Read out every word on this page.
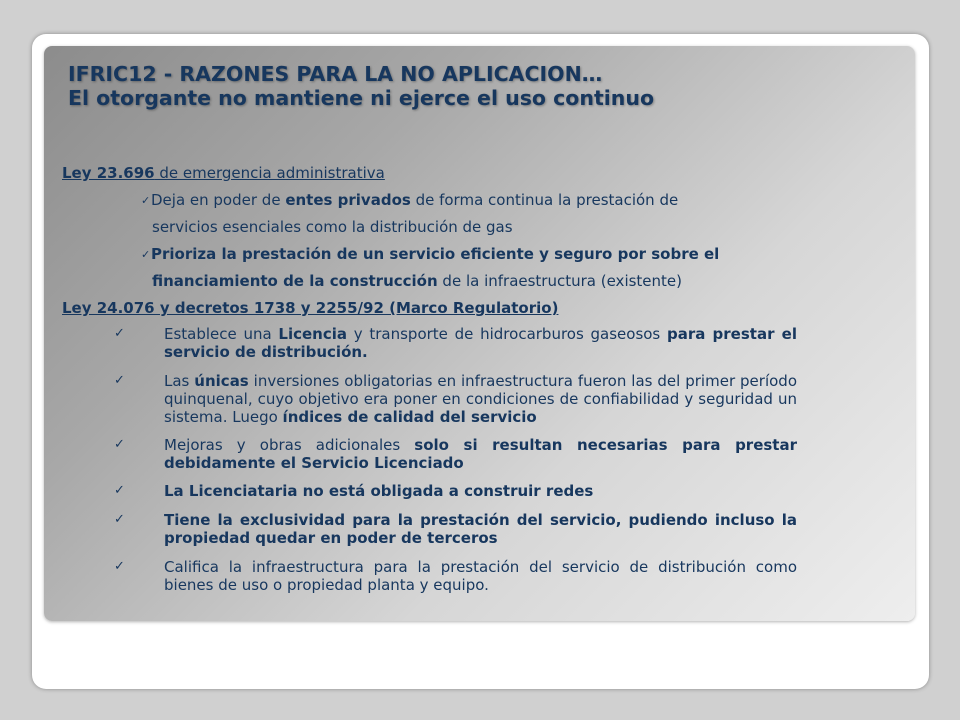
IFRIC12 - RAZONES PARA LA NO APLICACION…
El otorgante no mantiene ni ejerce el uso continuo
Ley 23.696 de emergencia administrativa
✓Deja en poder de entes privados de forma continua la prestación de
servicios esenciales como la distribución de gas
✓Prioriza la prestación de un servicio eficiente y seguro por sobre el
financiamiento de la construcción de la infraestructura (existente)
Ley 24.076 y decretos 1738 y 2255/92 (Marco Regulatorio)
✓	Establece una Licencia y transporte de hidrocarburos gaseosos para prestar el servicio de distribución.
✓	Las únicas inversiones obligatorias en infraestructura fueron las del primer período quinquenal, cuyo objetivo era poner en condiciones de confiabilidad y seguridad un sistema. Luego índices de calidad del servicio
✓	Mejoras y obras adicionales solo si resultan necesarias para prestar debidamente el Servicio Licenciado
✓	La Licenciataria no está obligada a construir redes
✓	Tiene la exclusividad para la prestación del servicio, pudiendo incluso la propiedad quedar en poder de terceros
✓	Califica la infraestructura para la prestación del servicio de distribución como bienes de uso o propiedad planta y equipo.
